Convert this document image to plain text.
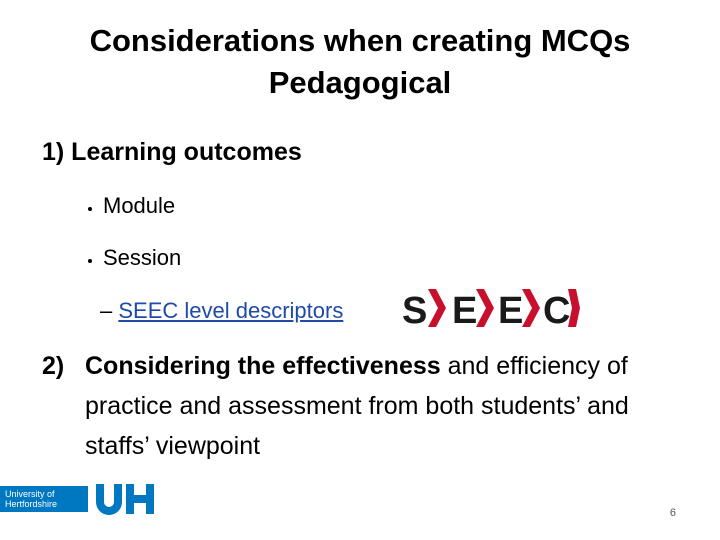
Considerations when creating MCQs
Pedagogical
1) Learning outcomes
Module
Session
– SEEC level descriptors S E E C
2) Considering the effectiveness and efficiency of practice and assessment from both students’ and staffs’ viewpoint
University of
Hertfordshire
6
